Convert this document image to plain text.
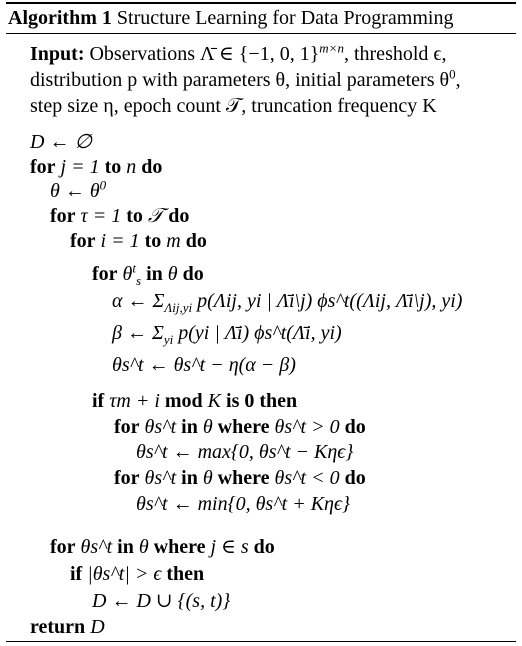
Algorithm 1 Structure Learning for Data Programming
Input: Observations Λ̄ ∈ {−1, 0, 1}$^{m\times n}$, threshold ϵ,
distribution p with parameters θ, initial parameters $\theta^0$,
step size η, epoch count 𝒯, truncation frequency K
D ← ∅
for j = 1 to n do
θ ← $\theta^0$
for τ = 1 to 𝒯 do
for i = 1 to m do
for $\theta^t_s$ in θ do
α ← $\Sigma_{\Lambda ij,yi}$ p(Λij, yi | Λ̄i\j) ϕs^t((Λij, Λ̄i\j), yi)
β ← $\Sigma_{yi}$ p(yi | Λ̄i) ϕs^t(Λ̄i, yi)
θs^t ← θs^t − η(α − β)
if τm + i mod K is 0 then
for θs^t in θ where θs^t > 0 do
θs^t ← max{0, θs^t − Kηϵ}
for θs^t in θ where θs^t < 0 do
θs^t ← min{0, θs^t + Kηϵ}
for θs^t in θ where j ∈ s do
if |θs^t| > ϵ then
D ← D ∪ {(s, t)}
return D
